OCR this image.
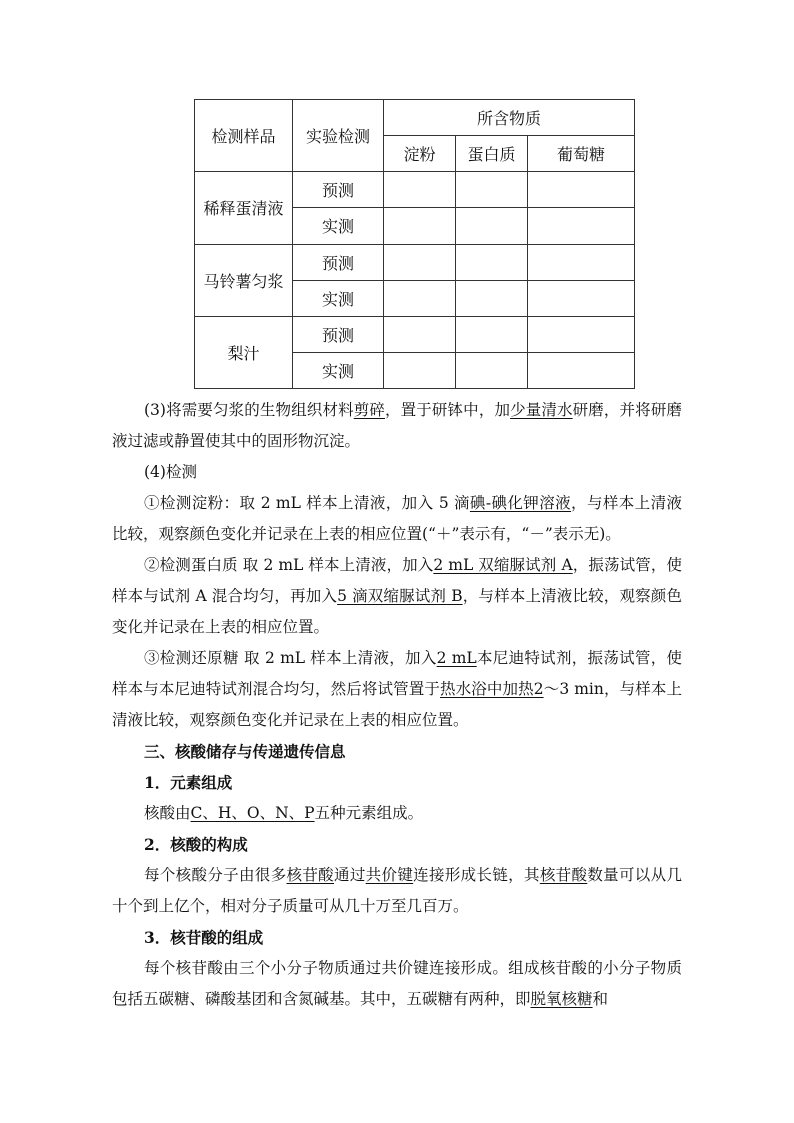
检测样品	实验检测	所含物质		
		淀粉	蛋白质	葡萄糖
稀释蛋清液	预测			
	实测			
马铃薯匀浆	预测			
	实测			
梨汁	预测			
	实测			

(3)将需要匀浆的生物组织材料剪碎，置于研钵中，加少量清水研磨，并将研磨液过滤或静置使其中的固形物沉淀。

(4)检测

①检测淀粉：取 2 mL 样本上清液，加入 5 滴碘-碘化钾溶液，与样本上清液比较，观察颜色变化并记录在上表的相应位置(“＋”表示有，“－”表示无)。

②检测蛋白质 取 2 mL 样本上清液，加入2 mL 双缩脲试剂 A，振荡试管，使样本与试剂 A 混合均匀，再加入5 滴双缩脲试剂 B，与样本上清液比较，观察颜色变化并记录在上表的相应位置。

③检测还原糖 取 2 mL 样本上清液，加入2 mL本尼迪特试剂，振荡试管，使样本与本尼迪特试剂混合均匀，然后将试管置于热水浴中加热2～3 min，与样本上清液比较，观察颜色变化并记录在上表的相应位置。

三、核酸储存与传递遗传信息

1．元素组成

核酸由C、H、O、N、P五种元素组成。

2．核酸的构成

每个核酸分子由很多核苷酸通过共价键连接形成长链，其核苷酸数量可以从几十个到上亿个，相对分子质量可从几十万至几百万。

3．核苷酸的组成

每个核苷酸由三个小分子物质通过共价键连接形成。组成核苷酸的小分子物质包括五碳糖、磷酸基团和含氮碱基。其中，五碳糖有两种，即脱氧核糖和
